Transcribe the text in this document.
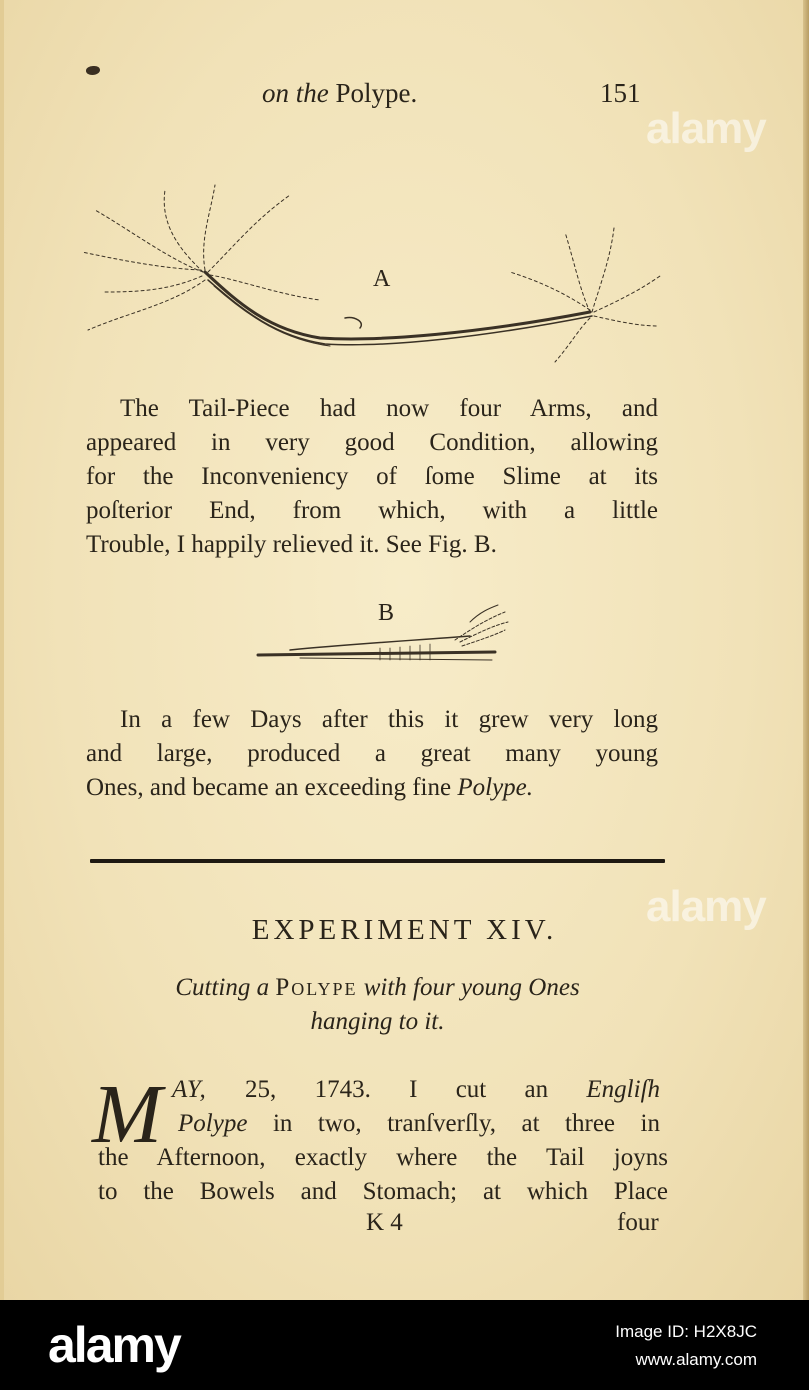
on the Polype.	151
A
B
The Tail-Piece had now four Arms, and
appeared in very good Condition, allowing
for the Inconveniency of ſome Slime at its
poſterior End, from which, with a little
Trouble, I happily relieved it. See Fig. B.
In a few Days after this it grew very long
and large, produced a great many young
Ones, and became an exceeding fine Polype.
EXPERIMENT XIV.
Cutting a Polype with four young Ones
hanging to it.
M AY, 25, 1743. I cut an Engliſh
Polype in two, tranſverſly, at three in
the Afternoon, exactly where the Tail joyns
to the Bowels and Stomach; at which Place
K 4	four
alamy
alamy
alamy	Image ID: H2X8JC
www.alamy.com
